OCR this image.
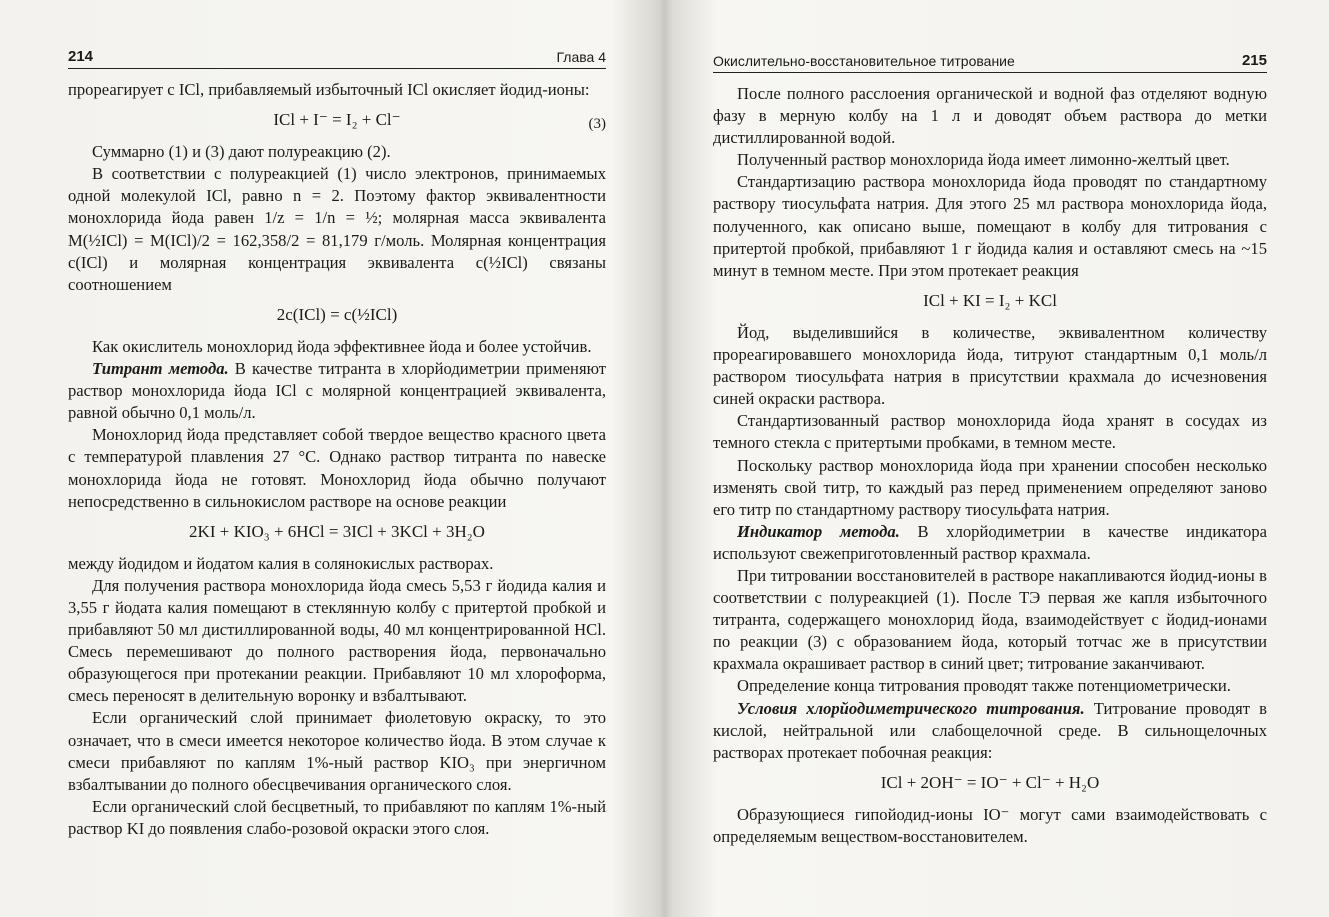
214	Глава 4

прореагирует с ICl, прибавляемый избыточный ICl окисляет йодид-ионы:

ICl + I⁻ = I₂ + Cl⁻	(3)

Суммарно (1) и (3) дают полуреакцию (2).

В соответствии с полуреакцией (1) число электронов, принимаемых одной молекулой ICl, равно n = 2. Поэтому фактор эквивалентности монохлорида йода равен 1/z = 1/n = ½; молярная масса эквивалента M(½ICl) = M(ICl)/2 = 162,358/2 = 81,179 г/моль. Молярная концентрация c(ICl) и молярная концентрация эквивалента c(½ICl) связаны соотношением

2c(ICl) = c(½ICl)

Как окислитель монохлорид йода эффективнее йода и более устойчив.

Титрант метода. В качестве титранта в хлорйодиметрии применяют раствор монохлорида йода ICl с молярной концентрацией эквивалента, равной обычно 0,1 моль/л.

Монохлорид йода представляет собой твердое вещество красного цвета с температурой плавления 27 °С. Однако раствор титранта по навеске монохлорида йода не готовят. Монохлорид йода обычно получают непосредственно в сильнокислом растворе на основе реакции

2KI + KIO₃ + 6HCl = 3ICl + 3KCl + 3H₂O

между йодидом и йодатом калия в солянокислых растворах.

Для получения раствора монохлорида йода смесь 5,53 г йодида калия и 3,55 г йодата калия помещают в стеклянную колбу с притертой пробкой и прибавляют 50 мл дистиллированной воды, 40 мл концентрированной HCl. Смесь перемешивают до полного растворения йода, первоначально образующегося при протекании реакции. Прибавляют 10 мл хлороформа, смесь переносят в делительную воронку и взбалтывают.

Если органический слой принимает фиолетовую окраску, то это означает, что в смеси имеется некоторое количество йода. В этом случае к смеси прибавляют по каплям 1%-ный раствор KIO₃ при энергичном взбалтывании до полного обесцвечивания органического слоя.

Если органический слой бесцветный, то прибавляют по каплям 1%-ный раствор KI до появления слабо-розовой окраски этого слоя.

Окислительно-восстановительное титрование	215

После полного расслоения органической и водной фаз отделяют водную фазу в мерную колбу на 1 л и доводят объем раствора до метки дистиллированной водой.

Полученный раствор монохлорида йода имеет лимонно-желтый цвет.

Стандартизацию раствора монохлорида йода проводят по стандартному раствору тиосульфата натрия. Для этого 25 мл раствора монохлорида йода, полученного, как описано выше, помещают в колбу для титрования с притертой пробкой, прибавляют 1 г йодида калия и оставляют смесь на ~15 минут в темном месте. При этом протекает реакция

ICl + KI = I₂ + KCl

Йод, выделившийся в количестве, эквивалентном количеству прореагировавшего монохлорида йода, титруют стандартным 0,1 моль/л раствором тиосульфата натрия в присутствии крахмала до исчезновения синей окраски раствора.

Стандартизованный раствор монохлорида йода хранят в сосудах из темного стекла с притертыми пробками, в темном месте.

Поскольку раствор монохлорида йода при хранении способен несколько изменять свой титр, то каждый раз перед применением определяют заново его титр по стандартному раствору тиосульфата натрия.

Индикатор метода. В хлорйодиметрии в качестве индикатора используют свежеприготовленный раствор крахмала.

При титровании восстановителей в растворе накапливаются йодид-ионы в соответствии с полуреакцией (1). После ТЭ первая же капля избыточного титранта, содержащего монохлорид йода, взаимодействует с йодид-ионами по реакции (3) с образованием йода, который тотчас же в присутствии крахмала окрашивает раствор в синий цвет; титрование заканчивают.

Определение конца титрования проводят также потенциометрически.

Условия хлорйодиметрического титрования. Титрование проводят в кислой, нейтральной или слабощелочной среде. В сильнощелочных растворах протекает побочная реакция:

ICl + 2OH⁻ = IO⁻ + Cl⁻ + H₂O

Образующиеся гипойодид-ионы IO⁻ могут сами взаимодействовать с определяемым веществом-восстановителем.
